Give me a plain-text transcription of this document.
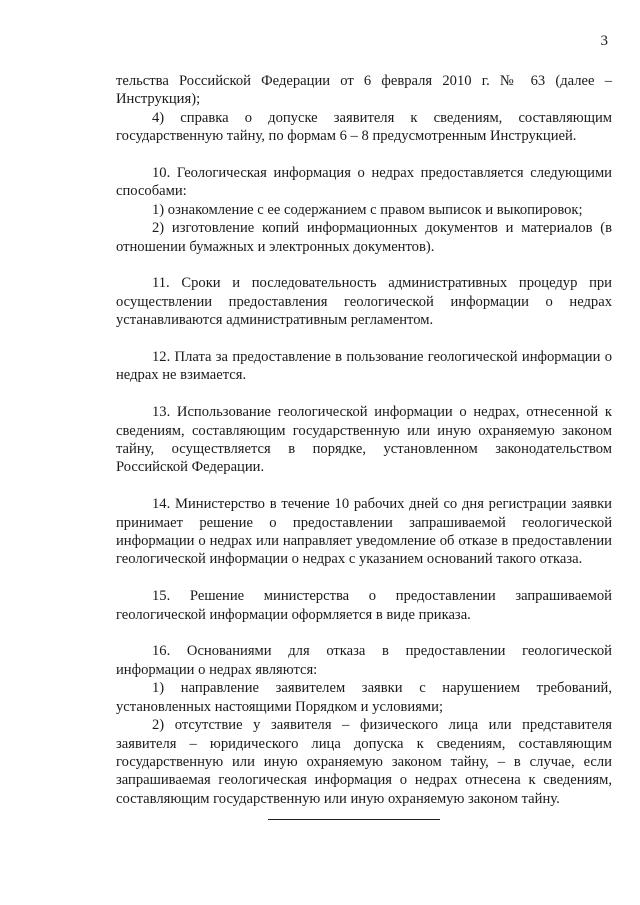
3

тельства Российской Федерации от 6 февраля 2010 г. № 63 (далее – Инструкция);

4) справка о допуске заявителя к сведениям, составляющим государственную тайну, по формам 6 – 8 предусмотренным Инструкцией.

10. Геологическая информация о недрах предоставляется следующими способами:

1) ознакомление с ее содержанием с правом выписок и выкопировок;

2) изготовление копий информационных документов и материалов (в отношении бумажных и электронных документов).

11. Сроки и последовательность административных процедур при осуществлении предоставления геологической информации о недрах устанавливаются административным регламентом.

12. Плата за предоставление в пользование геологической информации о недрах не взимается.

13. Использование геологической информации о недрах, отнесенной к сведениям, составляющим государственную или иную охраняемую законом тайну, осуществляется в порядке, установленном законодательством Российской Федерации.

14. Министерство в течение 10 рабочих дней со дня регистрации заявки принимает решение о предоставлении запрашиваемой геологической информации о недрах или направляет уведомление об отказе в предоставлении геологической информации о недрах с указанием оснований такого отказа.

15. Решение министерства о предоставлении запрашиваемой геологической информации оформляется в виде приказа.

16. Основаниями для отказа в предоставлении геологической информации о недрах являются:

1) направление заявителем заявки с нарушением требований, установленных настоящими Порядком и условиями;

2) отсутствие у заявителя – физического лица или представителя заявителя – юридического лица допуска к сведениям, составляющим государственную или иную охраняемую законом тайну, – в случае, если запрашиваемая геологическая информация о недрах отнесена к сведениям, составляющим государственную или иную охраняемую законом тайну.
